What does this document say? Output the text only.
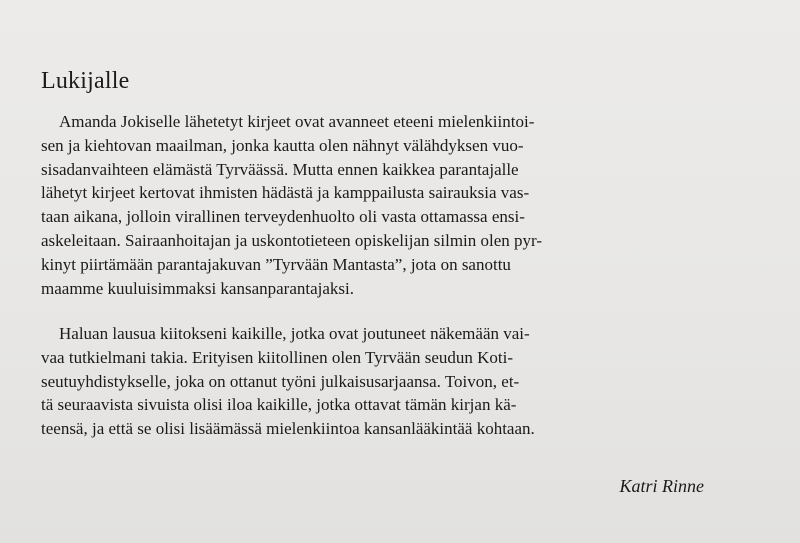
Lukijalle

Amanda Jokiselle lähetetyt kirjeet ovat avanneet eteeni mielenkiintoi-
sen ja kiehtovan maailman, jonka kautta olen nähnyt välähdyksen vuo-
sisadanvaihteen elämästä Tyrväässä. Mutta ennen kaikkea parantajalle
lähetyt kirjeet kertovat ihmisten hädästä ja kamppailusta sairauksia vas-
taan aikana, jolloin virallinen terveydenhuolto oli vasta ottamassa ensi-
askeleitaan. Sairaanhoitajan ja uskontotieteen opiskelijan silmin olen pyr-
kinyt piirtämään parantajakuvan ”Tyrvään Mantasta”, jota on sanottu
maamme kuuluisimmaksi kansanparantajaksi.

Haluan lausua kiitokseni kaikille, jotka ovat joutuneet näkemään vai-
vaa tutkielmani takia. Erityisen kiitollinen olen Tyrvään seudun Koti-
seutuyhdistykselle, joka on ottanut työni julkaisusarjaansa. Toivon, et-
tä seuraavista sivuista olisi iloa kaikille, jotka ottavat tämän kirjan kä-
teensä, ja että se olisi lisäämässä mielenkiintoa kansanlääkintää kohtaan.

Katri Rinne
